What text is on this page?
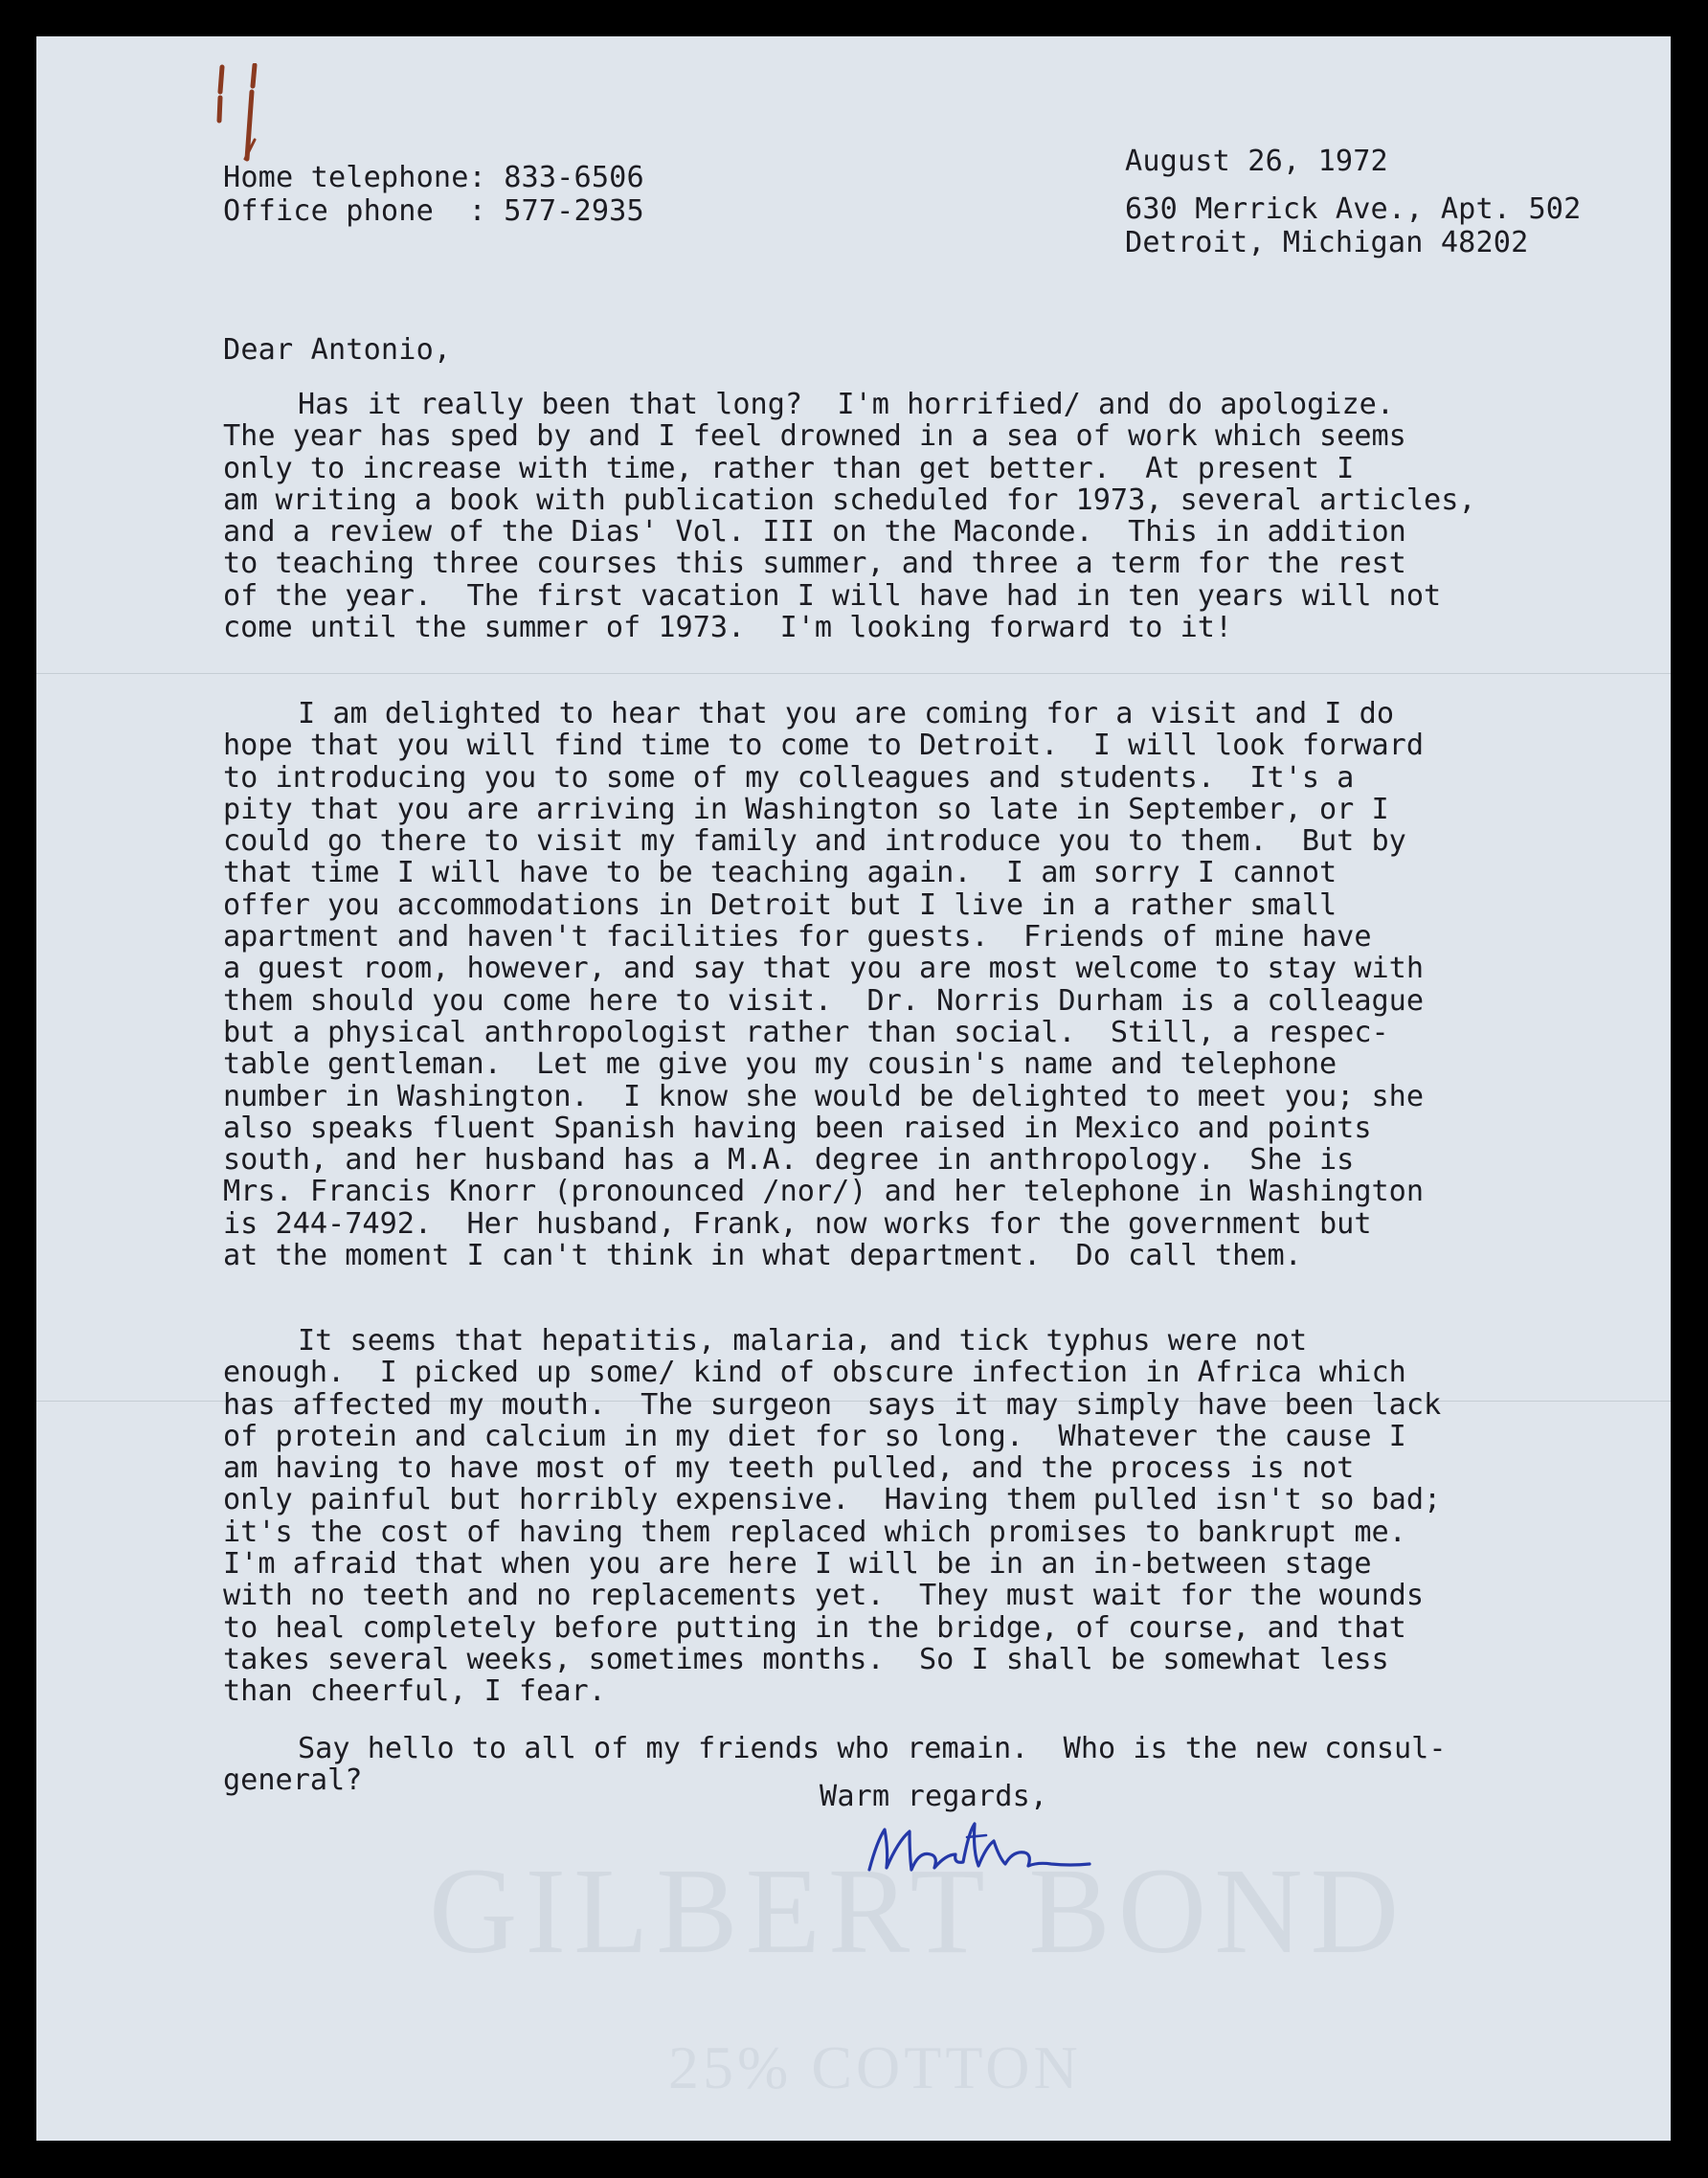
GILBERT BOND
25% COTTON
Home telephone: 833-6506
Office phone  : 577-2935
August 26, 1972
630 Merrick Ave., Apt. 502
Detroit, Michigan 48202
Dear Antonio,
Has it really been that long?  I'm horrified/ and do apologize.
The year has sped by and I feel drowned in a sea of work which seems
only to increase with time, rather than get better.  At present I
am writing a book with publication scheduled for 1973, several articles,
and a review of the Dias' Vol. III on the Maconde.  This in addition
to teaching three courses this summer, and three a term for the rest
of the year.  The first vacation I will have had in ten years will not
come until the summer of 1973.  I'm looking forward to it!
I am delighted to hear that you are coming for a visit and I do
hope that you will find time to come to Detroit.  I will look forward
to introducing you to some of my colleagues and students.  It's a
pity that you are arriving in Washington so late in September, or I
could go there to visit my family and introduce you to them.  But by
that time I will have to be teaching again.  I am sorry I cannot
offer you accommodations in Detroit but I live in a rather small
apartment and haven't facilities for guests.  Friends of mine have
a guest room, however, and say that you are most welcome to stay with
them should you come here to visit.  Dr. Norris Durham is a colleague
but a physical anthropologist rather than social.  Still, a respec-
table gentleman.  Let me give you my cousin's name and telephone
number in Washington.  I know she would be delighted to meet you; she
also speaks fluent Spanish having been raised in Mexico and points
south, and her husband has a M.A. degree in anthropology.  She is
Mrs. Francis Knorr (pronounced /nor/) and her telephone in Washington
is 244-7492.  Her husband, Frank, now works for the government but
at the moment I can't think in what department.  Do call them.
It seems that hepatitis, malaria, and tick typhus were not
enough.  I picked up some/ kind of obscure infection in Africa which
has affected my mouth.  The surgeon  says it may simply have been lack
of protein and calcium in my diet for so long.  Whatever the cause I
am having to have most of my teeth pulled, and the process is not
only painful but horribly expensive.  Having them pulled isn't so bad;
it's the cost of having them replaced which promises to bankrupt me.
I'm afraid that when you are here I will be in an in-between stage
with no teeth and no replacements yet.  They must wait for the wounds
to heal completely before putting in the bridge, of course, and that
takes several weeks, sometimes months.  So I shall be somewhat less
than cheerful, I fear.
Say hello to all of my friends who remain.  Who is the new consul-
general?	Warm regards,
